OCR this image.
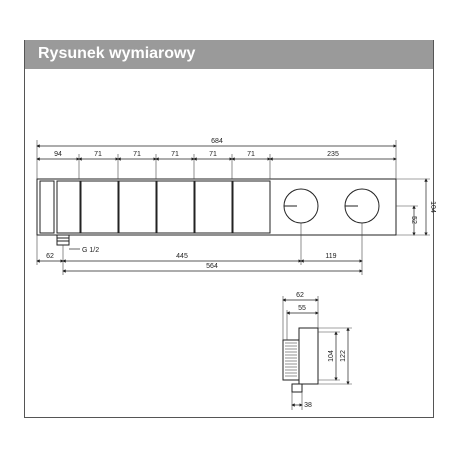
Rysunek wymiarowy
684
94	71	71	71	71	71	235
62	445	119
564
G 1/2
104
52
62
55
38
104 122
